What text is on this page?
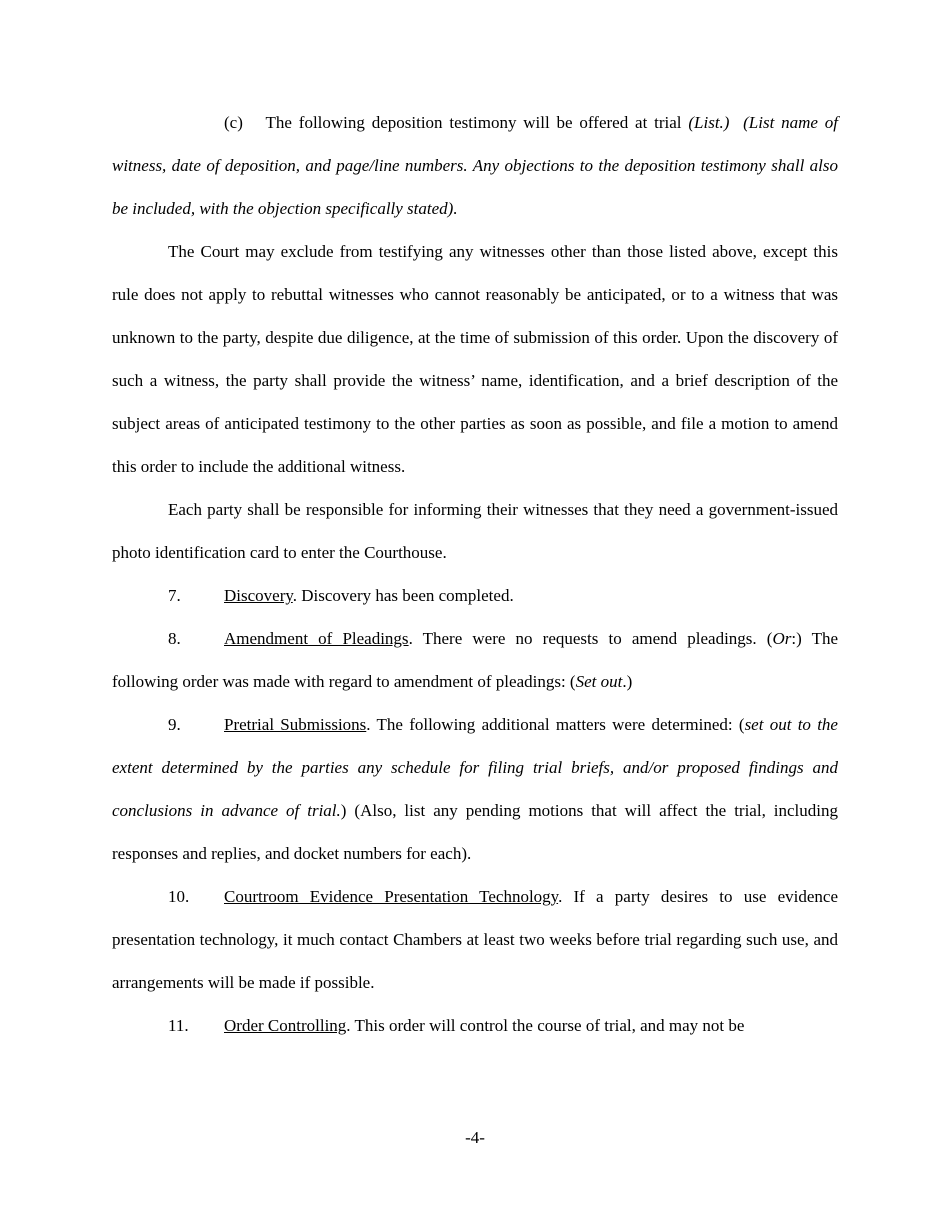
(c) The following deposition testimony will be offered at trial (List.) (List name of witness, date of deposition, and page/line numbers. Any objections to the deposition testimony shall also be included, with the objection specifically stated).

The Court may exclude from testifying any witnesses other than those listed above, except this rule does not apply to rebuttal witnesses who cannot reasonably be anticipated, or to a witness that was unknown to the party, despite due diligence, at the time of submission of this order. Upon the discovery of such a witness, the party shall provide the witness’ name, identification, and a brief description of the subject areas of anticipated testimony to the other parties as soon as possible, and file a motion to amend this order to include the additional witness.

Each party shall be responsible for informing their witnesses that they need a government-issued photo identification card to enter the Courthouse.

7.	Discovery. Discovery has been completed.

8.	Amendment of Pleadings. There were no requests to amend pleadings. (Or:) The following order was made with regard to amendment of pleadings: (Set out.)

9.	Pretrial Submissions. The following additional matters were determined: (set out to the extent determined by the parties any schedule for filing trial briefs, and/or proposed findings and conclusions in advance of trial.) (Also, list any pending motions that will affect the trial, including responses and replies, and docket numbers for each).

10. Courtroom Evidence Presentation Technology. If a party desires to use evidence presentation technology, it much contact Chambers at least two weeks before trial regarding such use, and arrangements will be made if possible.

11. Order Controlling. This order will control the course of trial, and may not be

-4-
